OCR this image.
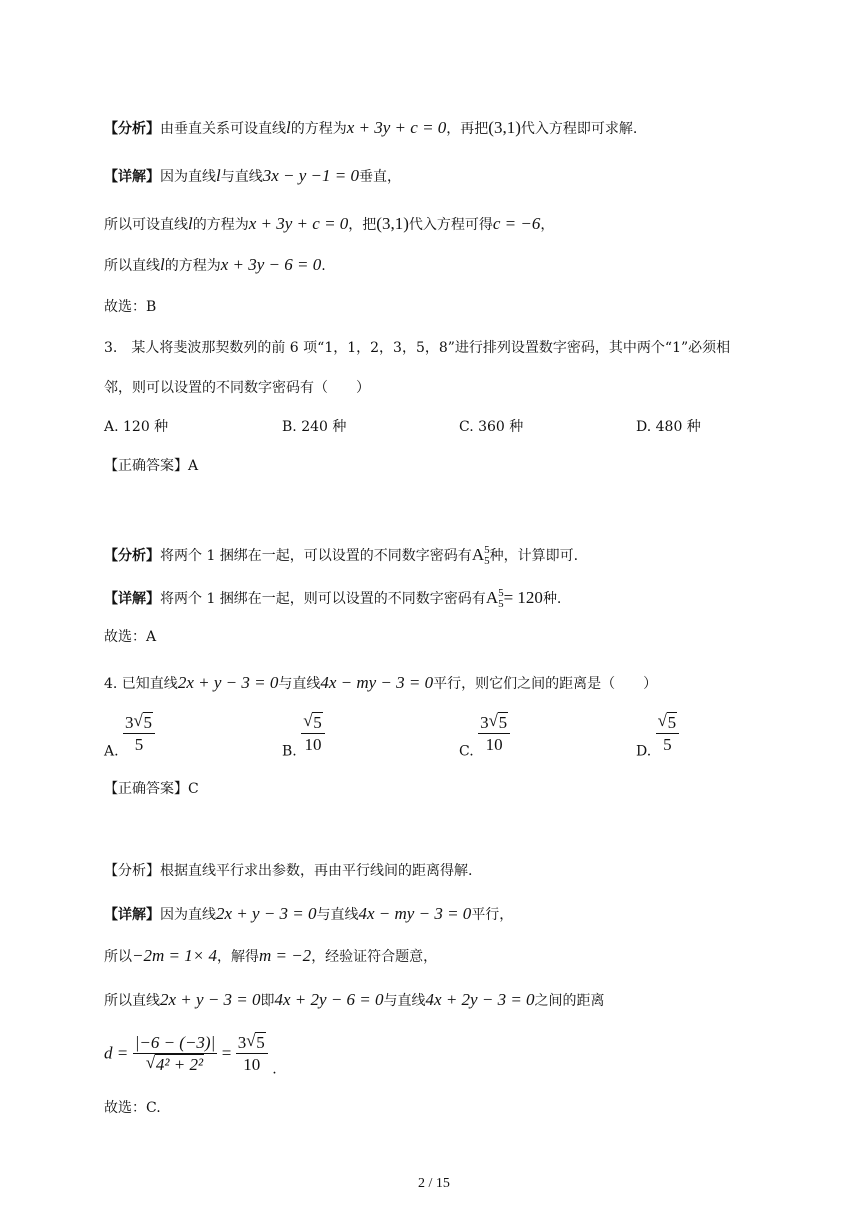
【分析】由垂直关系可设直线l的方程为x + 3y + c = 0，再把(3,1)代入方程即可求解.
【详解】因为直线l与直线3x − y −1 = 0垂直，
所以可设直线l的方程为x + 3y + c = 0，把(3,1)代入方程可得c = −6，
所以直线l的方程为x + 3y − 6 = 0.
故选：B
3.　某人将斐波那契数列的前 6 项“1，1，2，3，5，8”进行排列设置数字密码，其中两个“1”必须相
邻，则可以设置的不同数字密码有（　　）
A. 120 种	B. 240 种	C. 360 种	D. 480 种
【正确答案】A
【分析】将两个 1 捆绑在一起，可以设置的不同数字密码有A 5
5 种，计算即可.
【详解】将两个 1 捆绑在一起，则可以设置的不同数字密码有A 5
5 = 120种.
故选：A
4. 已知直线2x + y − 3 = 0与直线4x − my − 3 = 0平行，则它们之间的距离是（　　）
A. $\frac{3 √ 5}{5}$	B. $\frac{√ 5}{10}$	C. $\frac{3 √ 5}{10}$	D. $\frac{√ 5}{5}$
【正确答案】C
【分析】根据直线平行求出参数，再由平行线间的距离得解.
【详解】因为直线2x + y − 3 = 0与直线4x − my − 3 = 0平行，
所以−2m = 1× 4，解得m = −2，经验证符合题意，
所以直线2x + y − 3 = 0即4x + 2y − 6 = 0与直线4x + 2y − 3 = 0之间的距离
$d = \frac{|-6 - (-3)|}{\text{√ 4² + 2²}} = \frac{3 √ 5}{10}$ .
故选：C.
2 / 15
